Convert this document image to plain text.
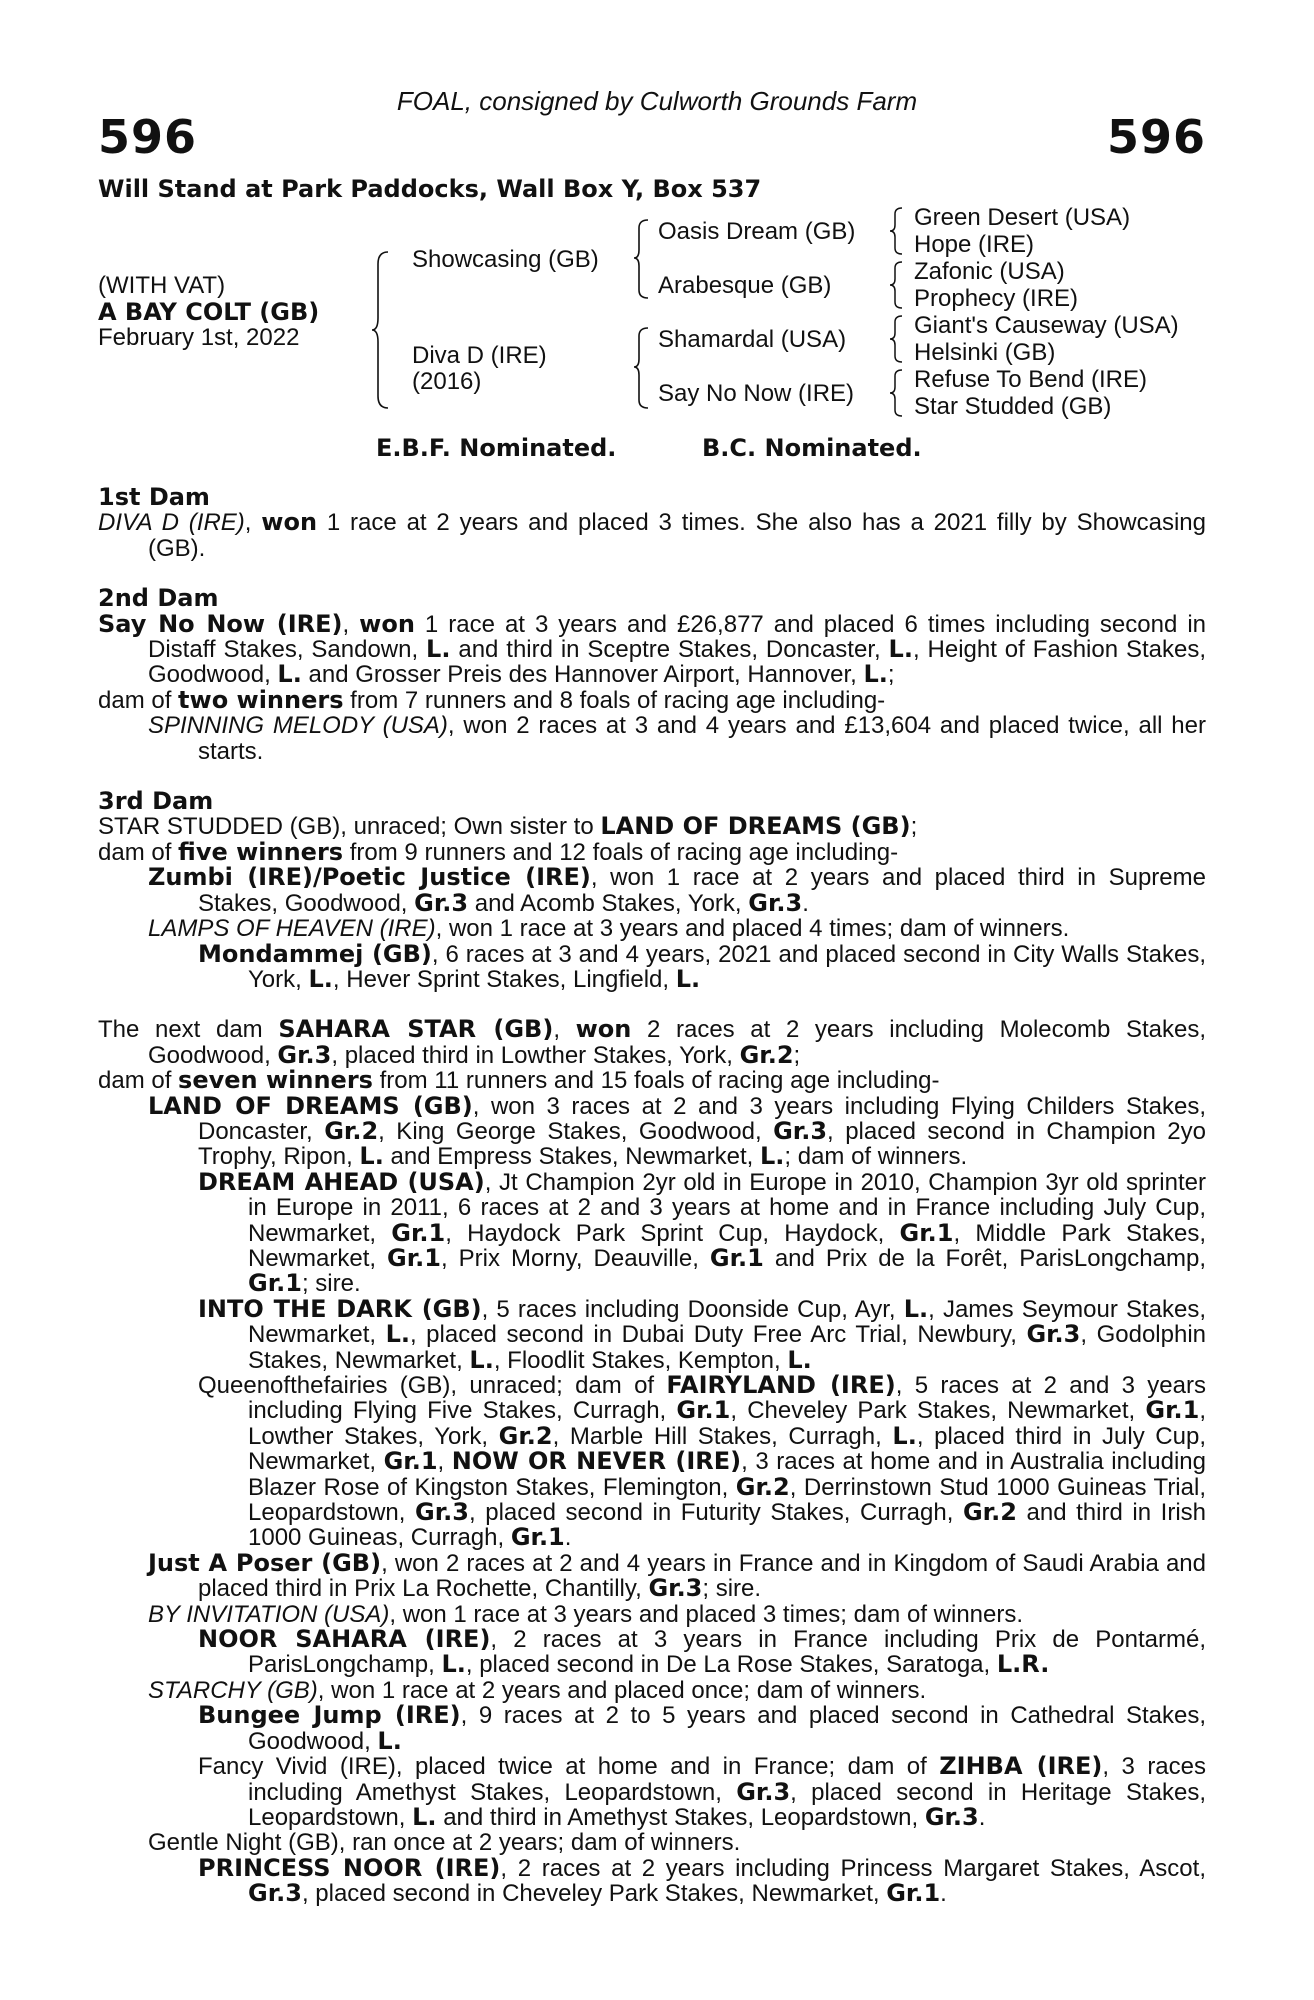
FOAL, consigned by Culworth Grounds Farm
596	596
Will Stand at Park Paddocks, Wall Box Y, Box 537
(WITH VAT)
A BAY COLT (GB)
February 1st, 2022
Showcasing (GB)
Diva D (IRE)
(2016)
Oasis Dream (GB)
Arabesque (GB)
Shamardal (USA)
Say No Now (IRE)
Green Desert (USA)
Hope (IRE)
Zafonic (USA)
Prophecy (IRE)
Giant's Causeway (USA)
Helsinki (GB)
Refuse To Bend (IRE)
Star Studded (GB)
E.B.F. Nominated.	B.C. Nominated.

1st Dam

DIVA D (IRE), won 1 race at 2 years and placed 3 times. She also has a 2021 filly by Showcasing (GB).

2nd Dam

Say No Now (IRE), won 1 race at 3 years and £26,877 and placed 6 times including second in Distaff Stakes, Sandown, L. and third in Sceptre Stakes, Doncaster, L., Height of Fashion Stakes, Goodwood, L. and Grosser Preis des Hannover Airport, Hannover, L.;

dam of two winners from 7 runners and 8 foals of racing age including-

SPINNING MELODY (USA), won 2 races at 3 and 4 years and £13,604 and placed twice, all her starts.

3rd Dam

STAR STUDDED (GB), unraced; Own sister to LAND OF DREAMS (GB);

dam of five winners from 9 runners and 12 foals of racing age including-

Zumbi (IRE)/Poetic Justice (IRE), won 1 race at 2 years and placed third in Supreme Stakes, Goodwood, Gr.3 and Acomb Stakes, York, Gr.3.

LAMPS OF HEAVEN (IRE), won 1 race at 3 years and placed 4 times; dam of winners.

Mondammej (GB), 6 races at 3 and 4 years, 2021 and placed second in City Walls Stakes, York, L., Hever Sprint Stakes, Lingfield, L.

The next dam SAHARA STAR (GB), won 2 races at 2 years including Molecomb Stakes, Goodwood, Gr.3, placed third in Lowther Stakes, York, Gr.2;

dam of seven winners from 11 runners and 15 foals of racing age including-

LAND OF DREAMS (GB), won 3 races at 2 and 3 years including Flying Childers Stakes, Doncaster, Gr.2, King George Stakes, Goodwood, Gr.3, placed second in Champion 2yo Trophy, Ripon, L. and Empress Stakes, Newmarket, L.; dam of winners.

DREAM AHEAD (USA), Jt Champion 2yr old in Europe in 2010, Champion 3yr old sprinter in Europe in 2011, 6 races at 2 and 3 years at home and in France including July Cup, Newmarket, Gr.1, Haydock Park Sprint Cup, Haydock, Gr.1, Middle Park Stakes, Newmarket, Gr.1, Prix Morny, Deauville, Gr.1 and Prix de la Forêt, ParisLongchamp, Gr.1; sire.

INTO THE DARK (GB), 5 races including Doonside Cup, Ayr, L., James Seymour Stakes, Newmarket, L., placed second in Dubai Duty Free Arc Trial, Newbury, Gr.3, Godolphin Stakes, Newmarket, L., Floodlit Stakes, Kempton, L.

Queenofthefairies (GB), unraced; dam of FAIRYLAND (IRE), 5 races at 2 and 3 years including Flying Five Stakes, Curragh, Gr.1, Cheveley Park Stakes, Newmarket, Gr.1, Lowther Stakes, York, Gr.2, Marble Hill Stakes, Curragh, L., placed third in July Cup, Newmarket, Gr.1, NOW OR NEVER (IRE), 3 races at home and in Australia including Blazer Rose of Kingston Stakes, Flemington, Gr.2, Derrinstown Stud 1000 Guineas Trial, Leopardstown, Gr.3, placed second in Futurity Stakes, Curragh, Gr.2 and third in Irish 1000 Guineas, Curragh, Gr.1.

Just A Poser (GB), won 2 races at 2 and 4 years in France and in Kingdom of Saudi Arabia and placed third in Prix La Rochette, Chantilly, Gr.3; sire.

BY INVITATION (USA), won 1 race at 3 years and placed 3 times; dam of winners.

NOOR SAHARA (IRE), 2 races at 3 years in France including Prix de Pontarmé, ParisLongchamp, L., placed second in De La Rose Stakes, Saratoga, L.R.

STARCHY (GB), won 1 race at 2 years and placed once; dam of winners.

Bungee Jump (IRE), 9 races at 2 to 5 years and placed second in Cathedral Stakes, Goodwood, L.

Fancy Vivid (IRE), placed twice at home and in France; dam of ZIHBA (IRE), 3 races including Amethyst Stakes, Leopardstown, Gr.3, placed second in Heritage Stakes, Leopardstown, L. and third in Amethyst Stakes, Leopardstown, Gr.3.

Gentle Night (GB), ran once at 2 years; dam of winners.

PRINCESS NOOR (IRE), 2 races at 2 years including Princess Margaret Stakes, Ascot, Gr.3, placed second in Cheveley Park Stakes, Newmarket, Gr.1.
